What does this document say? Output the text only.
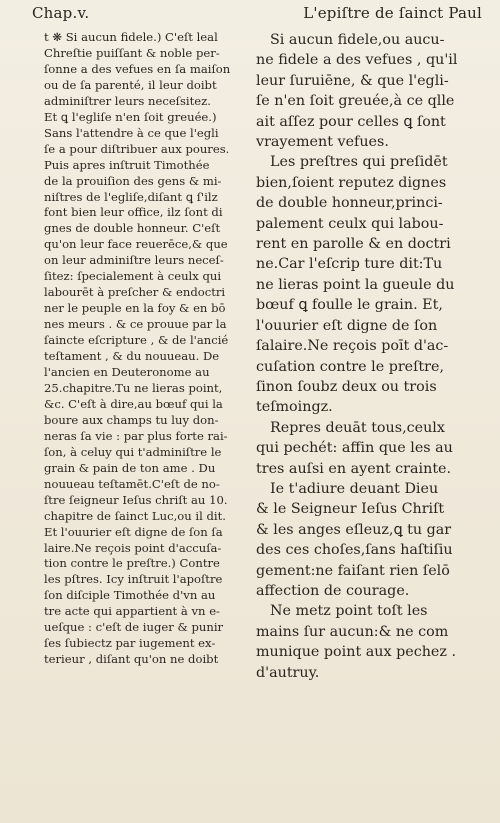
Chap.v.	L'epiſtre de ſainct Paul
t ❋ Si aucun fidele.) C'eſt leal
Chreſtie puiſſant & noble per-
ſonne a des vefues en ſa maiſon
ou de ſa parenté, il leur doibt
adminiſtrer leurs neceſsitez.
Et ꝗ l'egliſe n'en ſoit greuée.)
Sans l'attendre à ce que l'egli
ſe a pour diſtribuer aux poures.
Puis apres inſtruit Timothée
de la prouiſion des gens & mi-
niſtres de l'egliſe,diſant ꝗ ſ'ilz
font bien leur office, ilz ſont di
gnes de double honneur. C'eſt
qu'on leur face reuerēce,& que
on leur adminiſtre leurs neceſ-
ſitez: ſpecialement à ceulx qui
labourēt à preſcher & endoctri
ner le peuple en la foy & en bō
nes meurs . & ce prouue par la
ſaincte eſcripture , & de l'ancié
teſtament , & du nouueau. De
l'ancien en Deuteronome au
25.chapitre.Tu ne lieras point,
&c. C'eſt à dire,au bœuf qui la
boure aux champs tu luy don-
neras ſa vie : par plus forte rai-
ſon, à celuy qui t'adminiſtre le
grain & pain de ton ame . Du
nouueau teſtamēt.C'eſt de no-
ſtre ſeigneur Ieſus chriſt au 10.
chapitre de ſainct Luc,ou il dit.
Et l'ouurier eſt digne de ſon ſa
laire.Ne reçois point d'accuſa-
tion contre le preſtre.) Contre
les pſtres. Icy inſtruit l'apoſtre
ſon diſciple Timothée d'vn au
tre acte qui appartient à vn e-
ueſque : c'eſt de iuger & punir
ſes ſubiectz par iugement ex-
terieur , diſant qu'on ne doibt
Si aucun fidele,ou aucu-
ne fidele a des vefues , qu'il
leur ſuruiēne, & que l'egli-
ſe n'en ſoit greuée,à ce qlle
ait aſſez pour celles ꝗ ſont
vrayement vefues.
Les preſtres qui preſidēt
bien,ſoient reputez dignes
de double honneur,princi-
palement ceulx qui labou-
rent en parolle & en doctri
ne.Car l'eſcrip ture dit:Tu
ne lieras point la gueule du
bœuf ꝗ foulle le grain. Et,
l'ouurier eſt digne de ſon
ſalaire.Ne reçois poīt d'ac-
cuſation contre le preſtre,
ſinon ſoubz deux ou trois
teſmoingz.
Repres deuāt tous,ceulx
qui pechét: affin que les au
tres auſsi en ayent crainte.
Ie t'adiure deuant Dieu
& le Seigneur Ieſus Chriſt
& les anges eſleuz,ꝗ tu gar
des ces choſes,ſans haſtiſiu
gement:ne faiſant rien ſelō
affection de courage.
Ne metz point toſt les
mains ſur aucun:& ne com
munique point aux pechez .
d'autruy.
